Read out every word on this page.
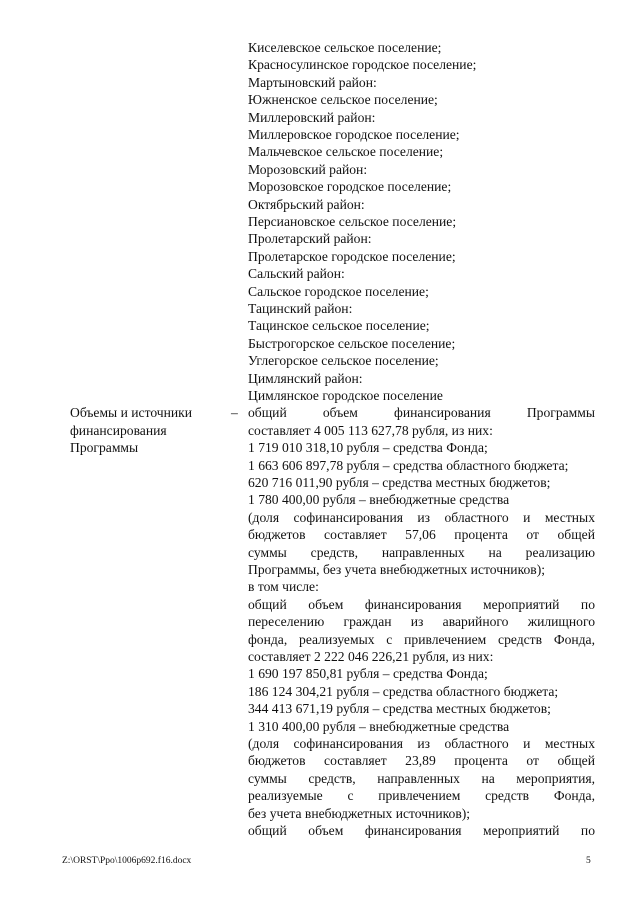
Киселевское сельское поселение;
Красносулинское городское поселение;
Мартыновский район:
Южненское сельское поселение;
Миллеровский район:
Миллеровское городское поселение;
Мальчевское сельское поселение;
Морозовский район:
Морозовское городское поселение;
Октябрьский район:
Персиановское сельское поселение;
Пролетарский район:
Пролетарское городское поселение;
Сальский район:
Сальское городское поселение;
Тацинский район:
Тацинское сельское поселение;
Быстрогорское сельское поселение;
Углегорское сельское поселение;
Цимлянский район:
Цимлянское городское поселение
Объемы и источники
финансирования
Программы
– общий объем финансирования Программы
составляет 4 005 113 627,78 рубля, из них:
1 719 010 318,10 рубля – средства Фонда;
1 663 606 897,78 рубля – средства областного бюджета;
620 716 011,90 рубля – средства местных бюджетов;
1 780 400,00 рубля – внебюджетные средства
(доля софинансирования из областного и местных
бюджетов составляет 57,06 процента от общей
суммы средств, направленных на реализацию
Программы, без учета внебюджетных источников);
в том числе:
общий объем финансирования мероприятий по
переселению граждан из аварийного жилищного
фонда, реализуемых с привлечением средств Фонда,
составляет 2 222 046 226,21 рубля, из них:
1 690 197 850,81 рубля – средства Фонда;
186 124 304,21 рубля – средства областного бюджета;
344 413 671,19 рубля – средства местных бюджетов;
1 310 400,00 рубля – внебюджетные средства
(доля софинансирования из областного и местных
бюджетов составляет 23,89 процента от общей
суммы средств, направленных на мероприятия,
реализуемые с привлечением средств Фонда,
без учета внебюджетных источников);
общий объем финансирования мероприятий по
Z:\ORST\Ppo\1006p692.f16.docx	5
